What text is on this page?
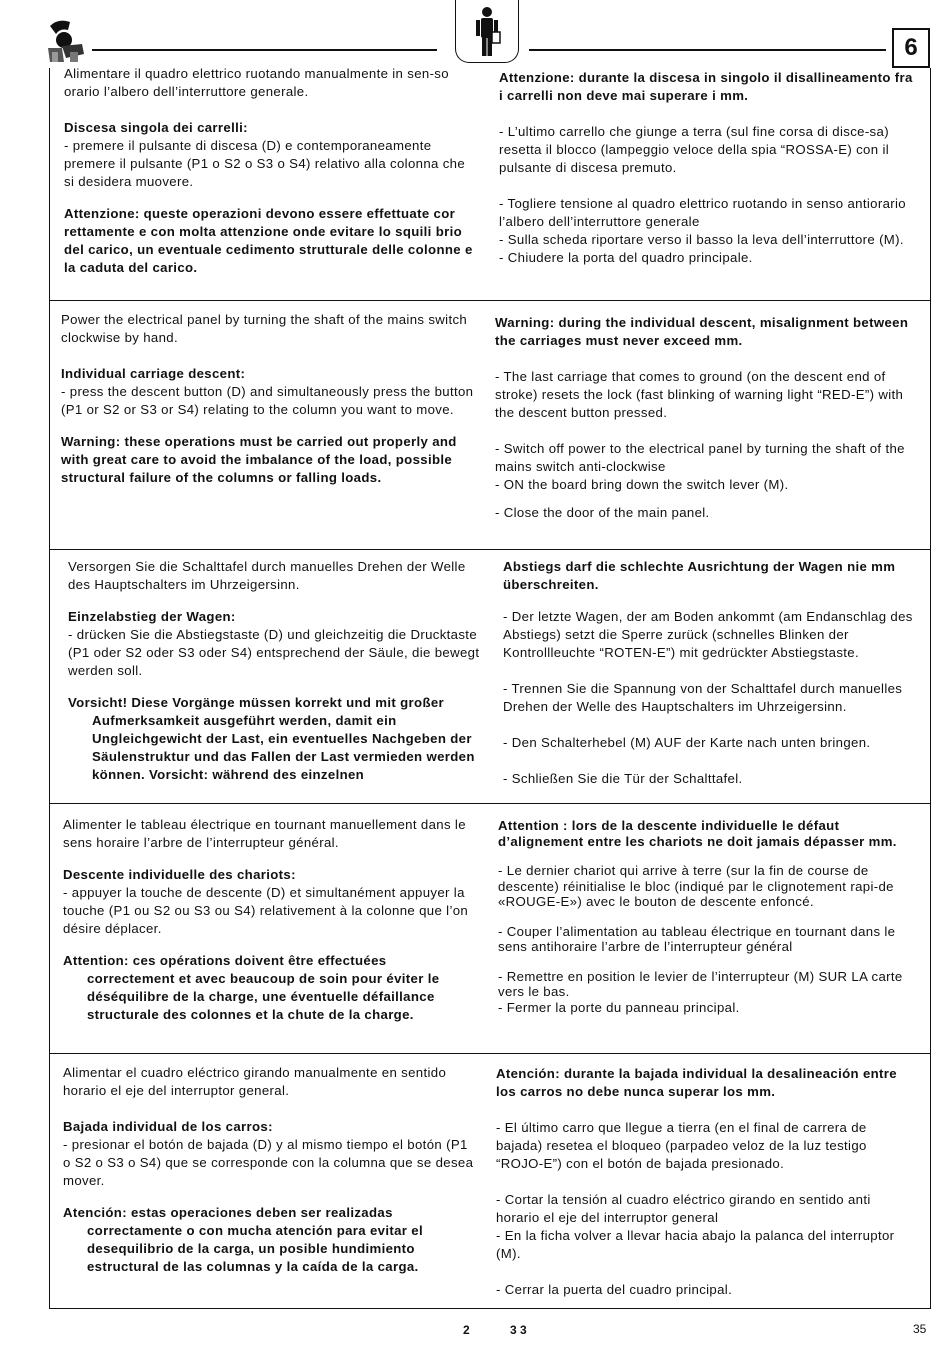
6

Alimentare il quadro elettrico ruotando manualmente in sen-so orario l’albero dell’interruttore generale.

Discesa singola dei carrelli:

- premere il pulsante di discesa (D) e contemporaneamente premere il pulsante (P1 o S2 o S3 o S4) relativo alla colonna che si desidera muovere.

Attenzione: queste operazioni devono essere effettuate cor rettamente e con molta attenzione onde evitare lo squili brio del carico, un eventuale cedimento strutturale delle colonne e la caduta del carico.

Attenzione: durante la discesa in singolo il disallineamento fra i carrelli non deve mai superare i mm.

- L’ultimo carrello che giunge a terra (sul fine corsa di disce-sa) resetta il blocco (lampeggio veloce della spia “ROSSA-E) con il pulsante di discesa premuto.

- Togliere tensione al quadro elettrico ruotando in senso antiorario l’albero dell’interruttore generale

- Sulla scheda riportare verso il basso la leva dell’interruttore (M).

- Chiudere la porta del quadro principale.

Power the electrical panel by turning the shaft of the mains switch clockwise by hand.

Individual carriage descent:

- press the descent button (D) and simultaneously press the button (P1 or S2 or S3 or S4) relating to the column you want to move.

Warning: these operations must be carried out properly and with great care to avoid the imbalance of the load, possible structural failure of the columns or falling loads.

Warning: during the individual descent, misalignment between the carriages must never exceed mm.

- The last carriage that comes to ground (on the descent end of stroke) resets the lock (fast blinking of warning light “RED-E”) with the descent button pressed.

- Switch off power to the electrical panel by turning the shaft of the mains switch anti-clockwise

- ON the board bring down the switch lever (M).

- Close the door of the main panel.

Versorgen Sie die Schalttafel durch manuelles Drehen der Welle des Hauptschalters im Uhrzeigersinn.

Einzelabstieg der Wagen:

- drücken Sie die Abstiegstaste (D) und gleichzeitig die Drucktaste (P1 oder S2 oder S3 oder S4) entsprechend der Säule, die bewegt werden soll.

Vorsicht! Diese Vorgänge müssen korrekt und mit großer

Aufmerksamkeit ausgeführt werden, damit ein Ungleichgewicht der Last, ein eventuelles Nachgeben der Säulenstruktur und das Fallen der Last vermieden werden können. Vorsicht: während des einzelnen

Abstiegs darf die schlechte Ausrichtung der Wagen nie mm überschreiten.

- Der letzte Wagen, der am Boden ankommt (am Endanschlag des Abstiegs) setzt die Sperre zurück (schnelles Blinken der Kontrollleuchte “ROTEN-E”) mit gedrückter Abstiegstaste.

- Trennen Sie die Spannung von der Schalttafel durch manuelles Drehen der Welle des Hauptschalters im Uhrzeigersinn.

- Den Schalterhebel (M) AUF der Karte nach unten bringen.

- Schließen Sie die Tür der Schalttafel.

Alimenter le tableau électrique en tournant manuellement dans le sens horaire l’arbre de l’interrupteur général.

Descente individuelle des chariots:

- appuyer la touche de descente (D) et simultanément appuyer la touche (P1 ou S2 ou S3 ou S4) relativement à la colonne que l’on désire déplacer.

Attention: ces opérations doivent être effectuées

correctement et avec beaucoup de soin pour éviter le déséquilibre de la charge, une éventuelle défaillance structurale des colonnes et la chute de la charge.

Attention : lors de la descente individuelle le défaut d’alignement entre les chariots ne doit jamais dépasser mm.

- Le dernier chariot qui arrive à terre (sur la fin de course de descente) réinitialise le bloc (indiqué par le clignotement rapi-de «ROUGE-E») avec le bouton de descente enfoncé.

- Couper l’alimentation au tableau électrique en tournant dans le sens antihoraire l’arbre de l’interrupteur général

- Remettre en position le levier de l’interrupteur (M) SUR LA carte vers le bas.

- Fermer la porte du panneau principal.

Alimentar el cuadro eléctrico girando manualmente en sentido horario el eje del interruptor general.

Bajada individual de los carros:

- presionar el botón de bajada (D) y al mismo tiempo el botón (P1 o S2 o S3 o S4) que se corresponde con la columna que se desea mover.

Atención: estas operaciones deben ser realizadas

correctamente o con mucha atención para evitar el desequilibrio de la carga, un posible hundimiento estructural de las columnas y la caída de la carga.

Atención: durante la bajada individual la desalineación entre los carros no debe nunca superar los mm.

- El último carro que llegue a tierra (en el final de carrera de bajada) resetea el bloqueo (parpadeo veloz de la luz testigo “ROJO-E”) con el botón de bajada presionado.

- Cortar la tensión al cuadro eléctrico girando en sentido anti horario el eje del interruptor general

- En la ficha volver a llevar hacia abajo la palanca del interruptor (M).

- Cerrar la puerta del cuadro principal.

2	3 3	35
